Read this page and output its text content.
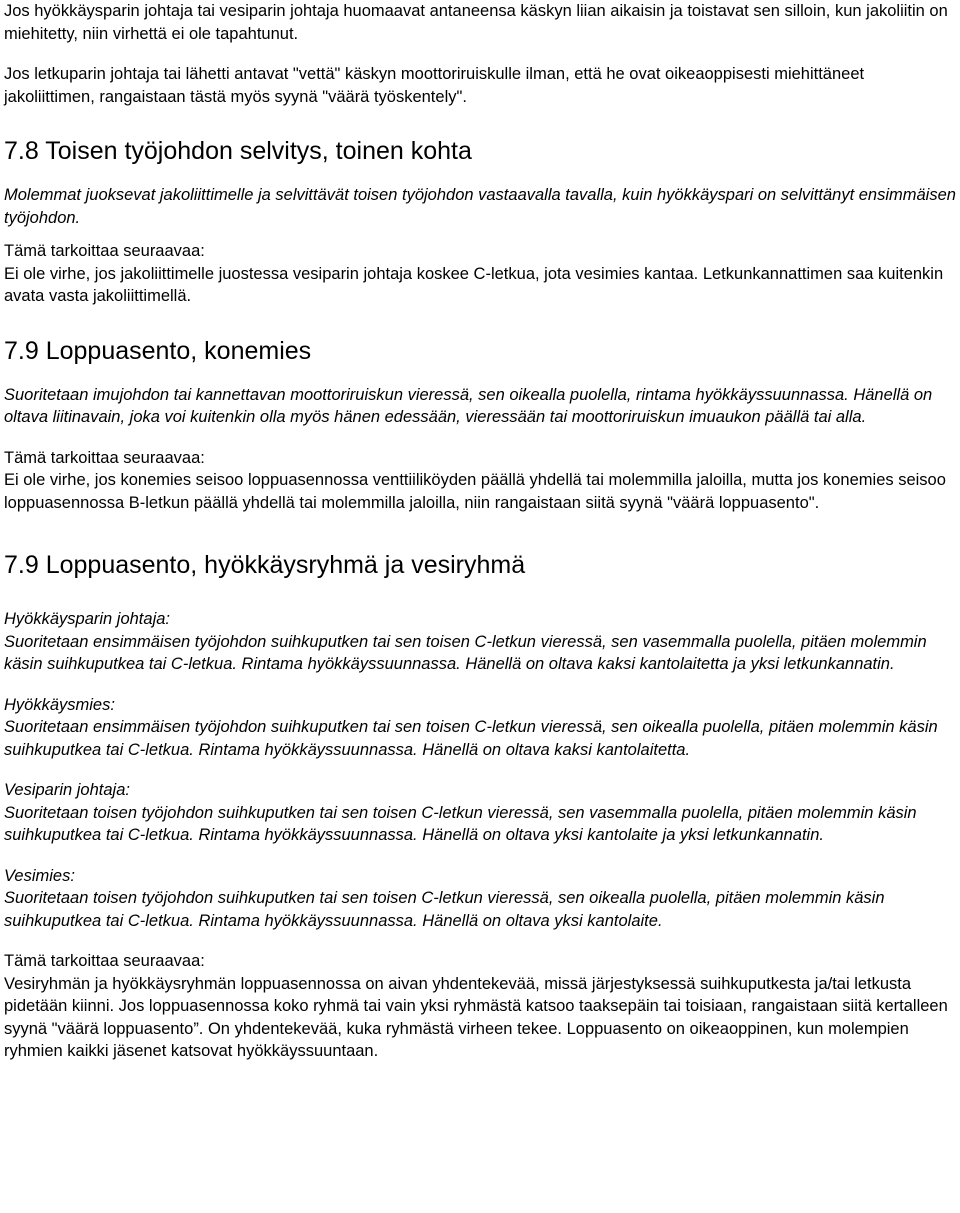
Jos hyökkäysparin johtaja tai vesiparin johtaja huomaavat antaneensa käskyn liian aikaisin ja toistavat sen silloin, kun jakoliitin on miehitetty, niin virhettä ei ole tapahtunut.

Jos letkuparin johtaja tai lähetti antavat "vettä" käskyn moottoriruiskulle ilman, että he ovat oikeaoppisesti miehittäneet jakoliittimen, rangaistaan tästä myös syynä "väärä työskentely".

7.8 Toisen työjohdon selvitys, toinen kohta

Molemmat juoksevat jakoliittimelle ja selvittävät toisen työjohdon vastaavalla tavalla, kuin hyökkäyspari on selvittänyt ensimmäisen työjohdon.

Tämä tarkoittaa seuraavaa:

Ei ole virhe, jos jakoliittimelle juostessa vesiparin johtaja koskee C-letkua, jota vesimies kantaa. Letkunkannattimen saa kuitenkin avata vasta jakoliittimellä.

7.9 Loppuasento, konemies

Suoritetaan imujohdon tai kannettavan moottoriruiskun vieressä, sen oikealla puolella, rintama hyökkäyssuunnassa. Hänellä on oltava liitinavain, joka voi kuitenkin olla myös hänen edessään, vieressään tai moottoriruiskun imuaukon päällä tai alla.

Tämä tarkoittaa seuraavaa:

Ei ole virhe, jos konemies seisoo loppuasennossa venttiiliköyden päällä yhdellä tai molemmilla jaloilla, mutta jos konemies seisoo loppuasennossa B-letkun päällä yhdellä tai molemmilla jaloilla, niin rangaistaan siitä syynä "väärä loppuasento".

7.9 Loppuasento, hyökkäysryhmä ja vesiryhmä

Hyökkäysparin johtaja:

Suoritetaan ensimmäisen työjohdon suihkuputken tai sen toisen C-letkun vieressä, sen vasemmalla puolella, pitäen molemmin käsin suihkuputkea tai C-letkua. Rintama hyökkäyssuunnassa. Hänellä on oltava kaksi kantolaitetta ja yksi letkunkannatin.

Hyökkäysmies:

Suoritetaan ensimmäisen työjohdon suihkuputken tai sen toisen C-letkun vieressä, sen oikealla puolella, pitäen molemmin käsin suihkuputkea tai C-letkua. Rintama hyökkäyssuunnassa. Hänellä on oltava kaksi kantolaitetta.

Vesiparin johtaja:

Suoritetaan toisen työjohdon suihkuputken tai sen toisen C-letkun vieressä, sen vasemmalla puolella, pitäen molemmin käsin suihkuputkea tai C-letkua. Rintama hyökkäyssuunnassa. Hänellä on oltava yksi kantolaite ja yksi letkunkannatin.

Vesimies:

Suoritetaan toisen työjohdon suihkuputken tai sen toisen C-letkun vieressä, sen oikealla puolella, pitäen molemmin käsin suihkuputkea tai C-letkua. Rintama hyökkäyssuunnassa. Hänellä on oltava yksi kantolaite.

Tämä tarkoittaa seuraavaa:

Vesiryhmän ja hyökkäysryhmän loppuasennossa on aivan yhdentekevää, missä järjestyksessä suihkuputkesta ja/tai letkusta pidetään kiinni. Jos loppuasennossa koko ryhmä tai vain yksi ryhmästä katsoo taaksepäin tai toisiaan, rangaistaan siitä kertalleen syynä "väärä loppuasento”. On yhdentekevää, kuka ryhmästä virheen tekee. Loppuasento on oikeaoppinen, kun molempien ryhmien kaikki jäsenet katsovat hyökkäyssuuntaan.
